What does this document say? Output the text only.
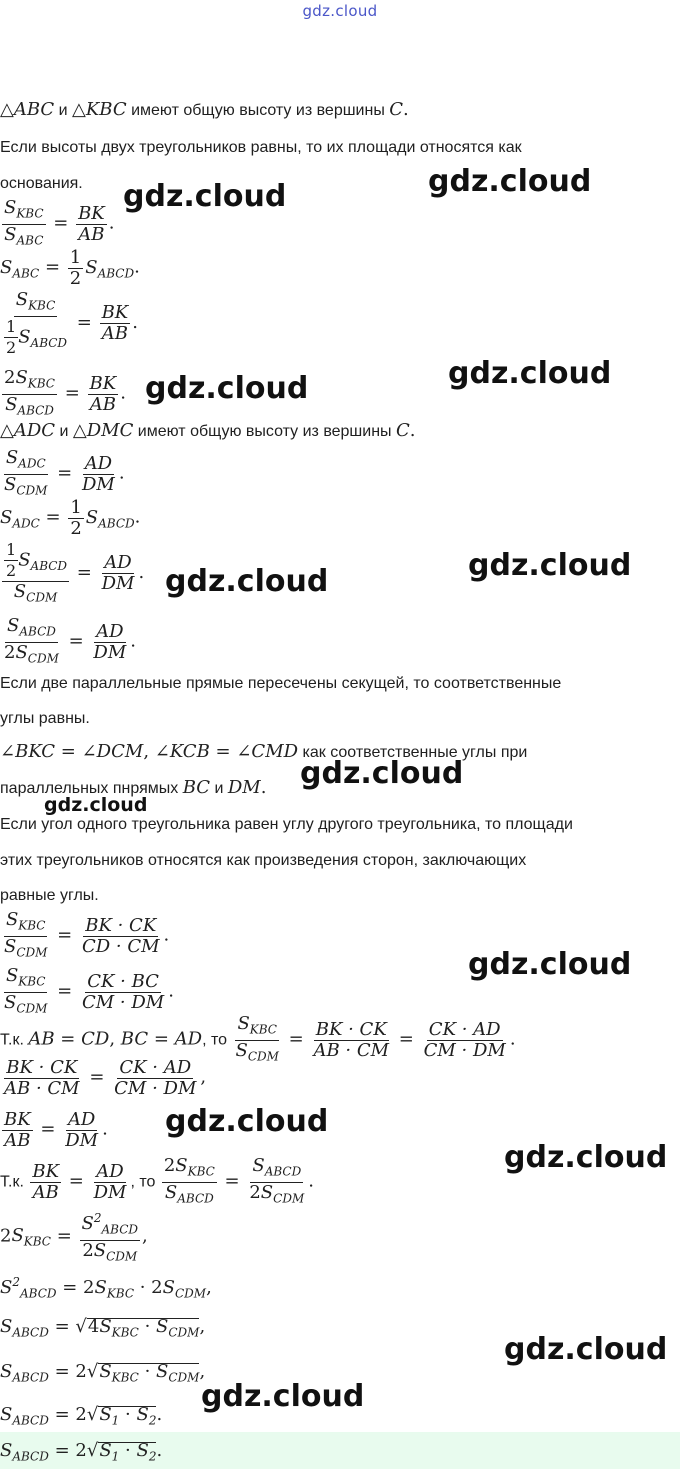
gdz.cloud
△ABC и △KBC имеют общую высоту из вершины C.
Если высоты двух треугольников равны, то их площади относятся как
основания.
$\frac{S_{KBC}}{S_{ABC}} = \frac{BK}{AB}$ .
$S_{ABC} = \frac{1}{2} S_{ABCD}$.
$\frac{S_{KBC}}{\frac{1}{2} S_{ABCD}} = \frac{BK}{AB}$ .
$\frac{2S_{KBC}}{S_{ABCD}} = \frac{BK}{AB}$ .
△ADC и △DMC имеют общую высоту из вершины C.
$\frac{S_{ADC}}{S_{CDM}} = \frac{AD}{DM}$ .
$S_{ADC} = \frac{1}{2} S_{ABCD}$.
$\frac{\frac{1}{2} S_{ABCD}}{S_{CDM}} = \frac{AD}{DM}$ .
$\frac{S_{ABCD}}{2S_{CDM}} = \frac{AD}{DM}$ .
Если две параллельные прямые пересечены секущей, то соответственные
углы равны.
∠BKC = ∠DCM, ∠KCB = ∠CMD как соответственные углы при
параллельных пнрямых BC и DM.
Если угол одного треугольника равен углу другого треугольника, то площади
этих треугольников относятся как произведения сторон, заключающих
равные углы.
$\frac{S_{KBC}}{S_{CDM}} = \frac{BK \cdot CK}{CD \cdot CM}$ .
$\frac{S_{KBC}}{S_{CDM}} = \frac{CK \cdot BC}{CM \cdot DM}$ .
Т.к. AB = CD, BC = AD, то $\frac{S_{KBC}}{S_{CDM}} = \frac{BK \cdot CK}{AB \cdot CM} = \frac{CK \cdot AD}{CM \cdot DM}$ .
$\frac{BK \cdot CK}{AB \cdot CM} = \frac{CK \cdot AD}{CM \cdot DM}$ ,
$\frac{BK}{AB} = \frac{AD}{DM}$ .
Т.к. $\frac{BK}{AB} = \frac{AD}{DM}$ , то $\frac{2S_{KBC}}{S_{ABCD}} = \frac{S_{ABCD}}{2S_{CDM}}$ .
$2S_{KBC} = \frac{S^2_{ABCD}}{2S_{CDM}}$ ,
$S^2_{ABCD} = 2S_{KBC} \cdot 2S_{CDM}$,
$S_{ABCD} = √4S_{KBC} \cdot S_{CDM}$,
$S_{ABCD} = 2√S_{KBC} \cdot S_{CDM}$,
$S_{ABCD} = 2√S_1 \cdot S_2$.
$S_{ABCD} = 2√S_1 \cdot S_2$.
gdz.cloud	gdz.cloud
gdz.cloud	gdz.cloud
gdz.cloud	gdz.cloud
gdz.cloud
gdz.cloud
gdz.cloud
gdz.cloud
gdz.cloud
gdz.cloud
gdz.cloud
